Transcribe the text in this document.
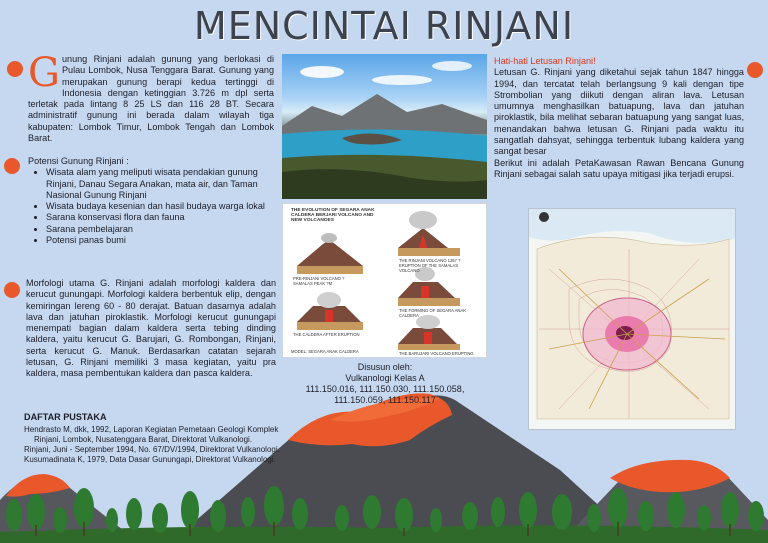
MENCINTAI RINJANI
G unung Rinjani adalah gunung yang berlokasi di Pulau Lombok, Nusa Tenggara Barat. Gunung yang merupakan gunung berapi kedua tertinggi di Indonesia dengan ketinggian 3.726 m dpl serta terletak pada lintang 8 25 LS dan 116 28 BT. Secara administratif gunung ini berada dalam wilayah tiga kabupaten: Lombok Timur, Lombok Tengah dan Lombok Barat.
Potensi Gunung Rinjani :
• Wisata alam yang meliputi wisata pendakian gunung Rinjani, Danau Segara Anakan, mata air, dan Taman Nasional Gunung Rinjani
• Wisata budaya kesenian dan hasil budaya warga lokal
• Sarana konservasi flora dan fauna
• Sarana pembelajaran
• Potensi panas bumi
Morfologi utama G. Rinjani adalah morfologi kaldera dan kerucut gunungapi. Morfologi kaldera berbentuk elip, dengan kemiringan lereng 60 - 80 derajat. Batuan dasarnya adalah lava dan jatuhan piroklastik. Morfologi kerucut gunungapi menempati bagian dalam kaldera serta tebing dinding kaldera, yaitu kerucut G. Barujari, G. Rombongan, Rinjani, serta kerucut G. Manuk. Berdasarkan catatan sejarah letusan, G. Rinjani memiliki 3 masa kegiatan, yaitu pra kaldera, masa pembentukan kaldera dan pasca kaldera.
DAFTAR PUSTAKA
Hendrasto M, dkk, 1992, Laporan Kegiatan Pemetaan Geologi Komplek
Rinjani, Lombok, Nusatenggara Barat, Direktorat Vulkanologi.
Rinjani, Juni - September 1994, No. 67/DV/1994, Direktorat Vulkanologi.
Kusumadinata K, 1979, Data Dasar Gunungapi, Direktorat Vulkanologi.
THE EVOLUTION OF SEGARA ANAK CALDERA BERJARI VOLCANO AND NEW VOLCANOES
PRE-RINJANI VOLCANO ? SAMALAS PEAK ?M
THE RINJANI VOLCANO 1257 ? ERUPTION OF THE SAMALAS VOLCANO
THE FORMING OF SEGARA ANAK CALDERA
THE CALDERA AFTER ERUPTION
THE BARUJARI VOLCANO ERUPTING
MODEL: SEGARA ANAK CALDERA
Disusun oleh:
Vulkanologi Kelas A
111.150.016, 111.150.030, 111.150.058,
111.150.059, 111.150.117
Hati-hati Letusan Rinjani!
Letusan G. Rinjani yang diketahui sejak tahun 1847 hingga 1994, dan tercatat telah berlangsung 9 kali dengan tipe Strombolian yang diikuti dengan aliran lava. Letusan umumnya menghasilkan batuapung, lava dan jatuhan piroklastik, bila melihat sebaran batuapung yang sangat luas, menandakan bahwa letusan G. Rinjani pada waktu itu sangatlah dahsyat, sehingga terbentuk lubang kaldera yang sangat besar
Berikut ini adalah PetaKawasan Rawan Bencana Gunung Rinjani sebagai salah satu upaya mitigasi jika terjadi erupsi.
